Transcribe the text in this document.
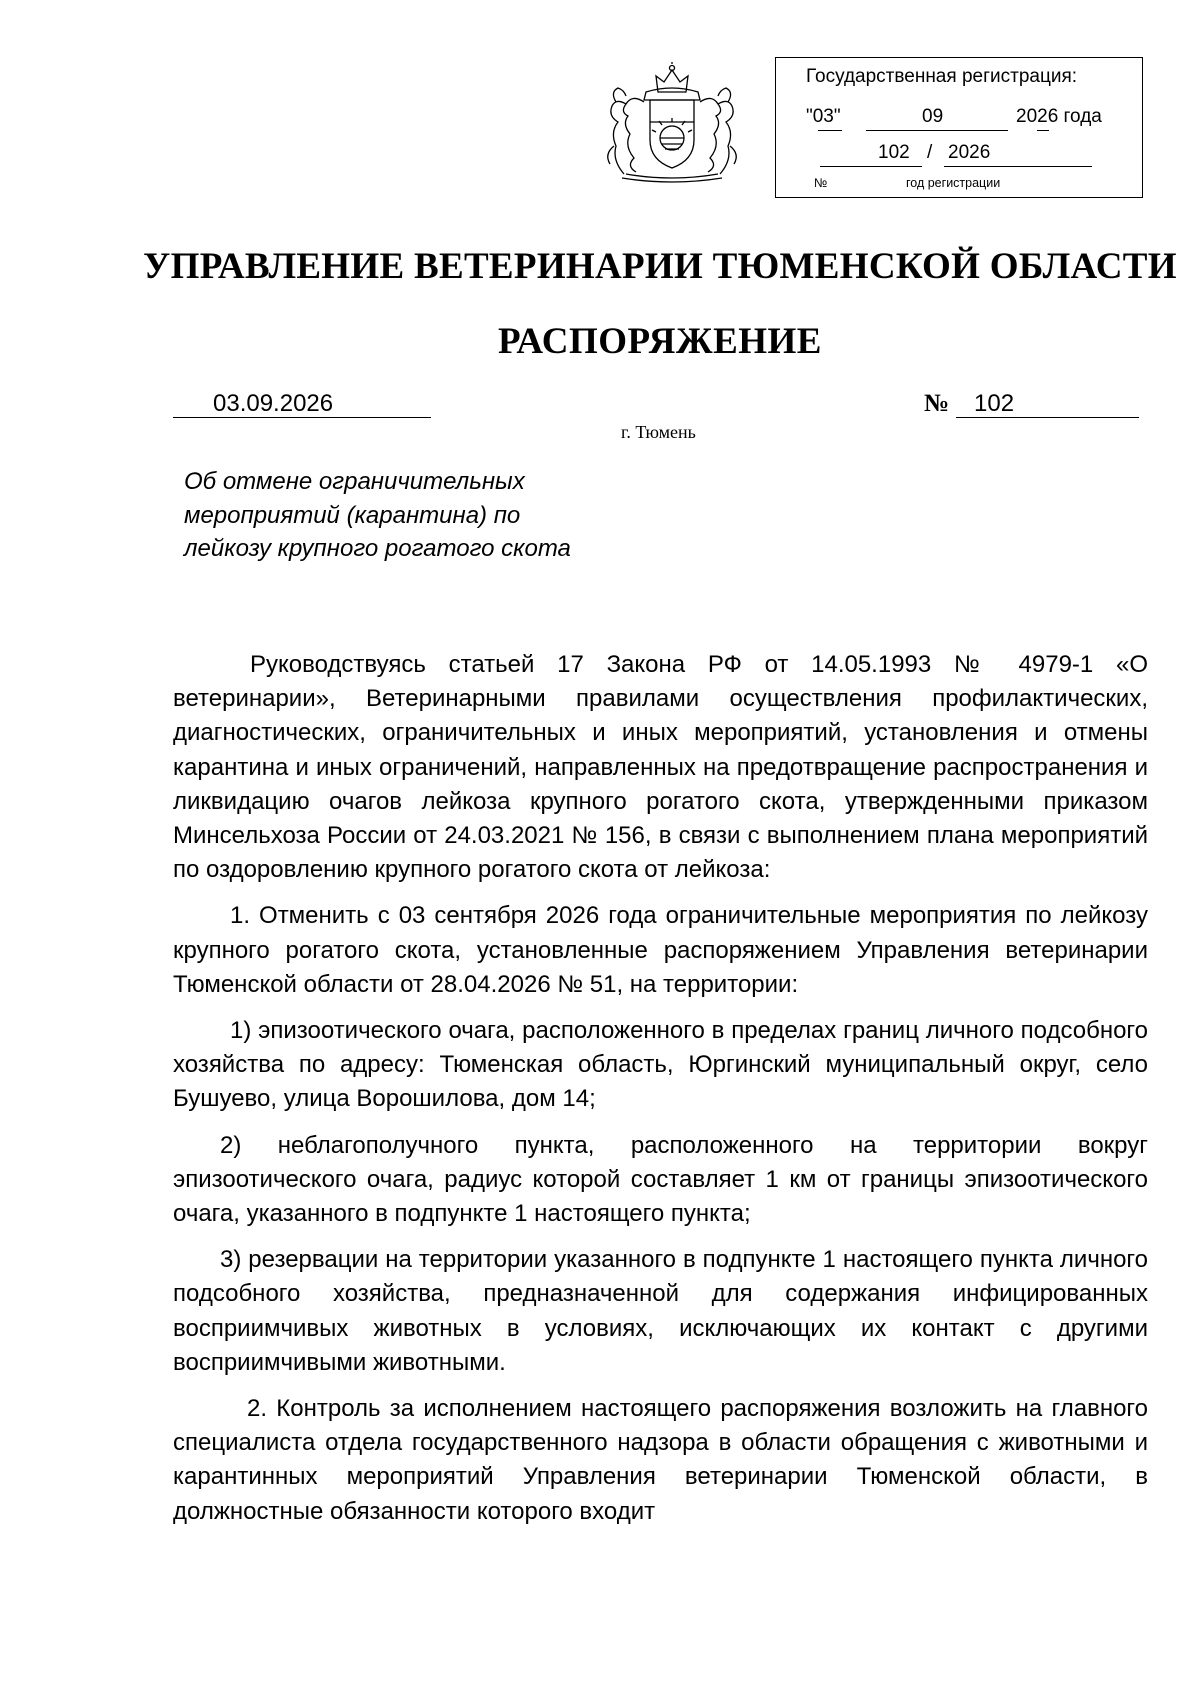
Государственная регистрация:
"03"	09	2026 года
102 / 2026
№	год регистрации
УПРАВЛЕНИЕ ВЕТЕРИНАРИИ ТЮМЕНСКОЙ ОБЛАСТИ
РАСПОРЯЖЕНИЕ
03.09.2026	№ 102
г. Тюмень
Об отмене ограничительных
мероприятий (карантина) по
лейкозу крупного рогатого скота

Руководствуясь статьей 17 Закона РФ от 14.05.1993 № 4979-1 «О ветеринарии», Ветеринарными правилами осуществления профилактических, диагностических, ограничительных и иных мероприятий, установления и отмены карантина и иных ограничений, направленных на предотвращение распространения и ликвидацию очагов лейкоза крупного рогатого скота, утвержденными приказом Минсельхоза России от 24.03.2021 № 156, в связи с выполнением плана мероприятий по оздоровлению крупного рогатого скота от лейкоза:

1. Отменить с 03 сентября 2026 года ограничительные мероприятия по лейкозу крупного рогатого скота, установленные распоряжением Управления ветеринарии Тюменской области от 28.04.2026 № 51, на территории:

1) эпизоотического очага, расположенного в пределах границ личного подсобного хозяйства по адресу: Тюменская область, Юргинский муниципальный округ, село Бушуево, улица Ворошилова, дом 14;

2) неблагополучного пункта, расположенного на территории вокруг эпизоотического очага, радиус которой составляет 1 км от границы эпизоотического очага, указанного в подпункте 1 настоящего пункта;

3) резервации на территории указанного в подпункте 1 настоящего пункта личного подсобного хозяйства, предназначенной для содержания инфицированных восприимчивых животных в условиях, исключающих их контакт с другими восприимчивыми животными.

2. Контроль за исполнением настоящего распоряжения возложить на главного специалиста отдела государственного надзора в области обращения с животными и карантинных мероприятий Управления ветеринарии Тюменской области, в должностные обязанности которого входит
